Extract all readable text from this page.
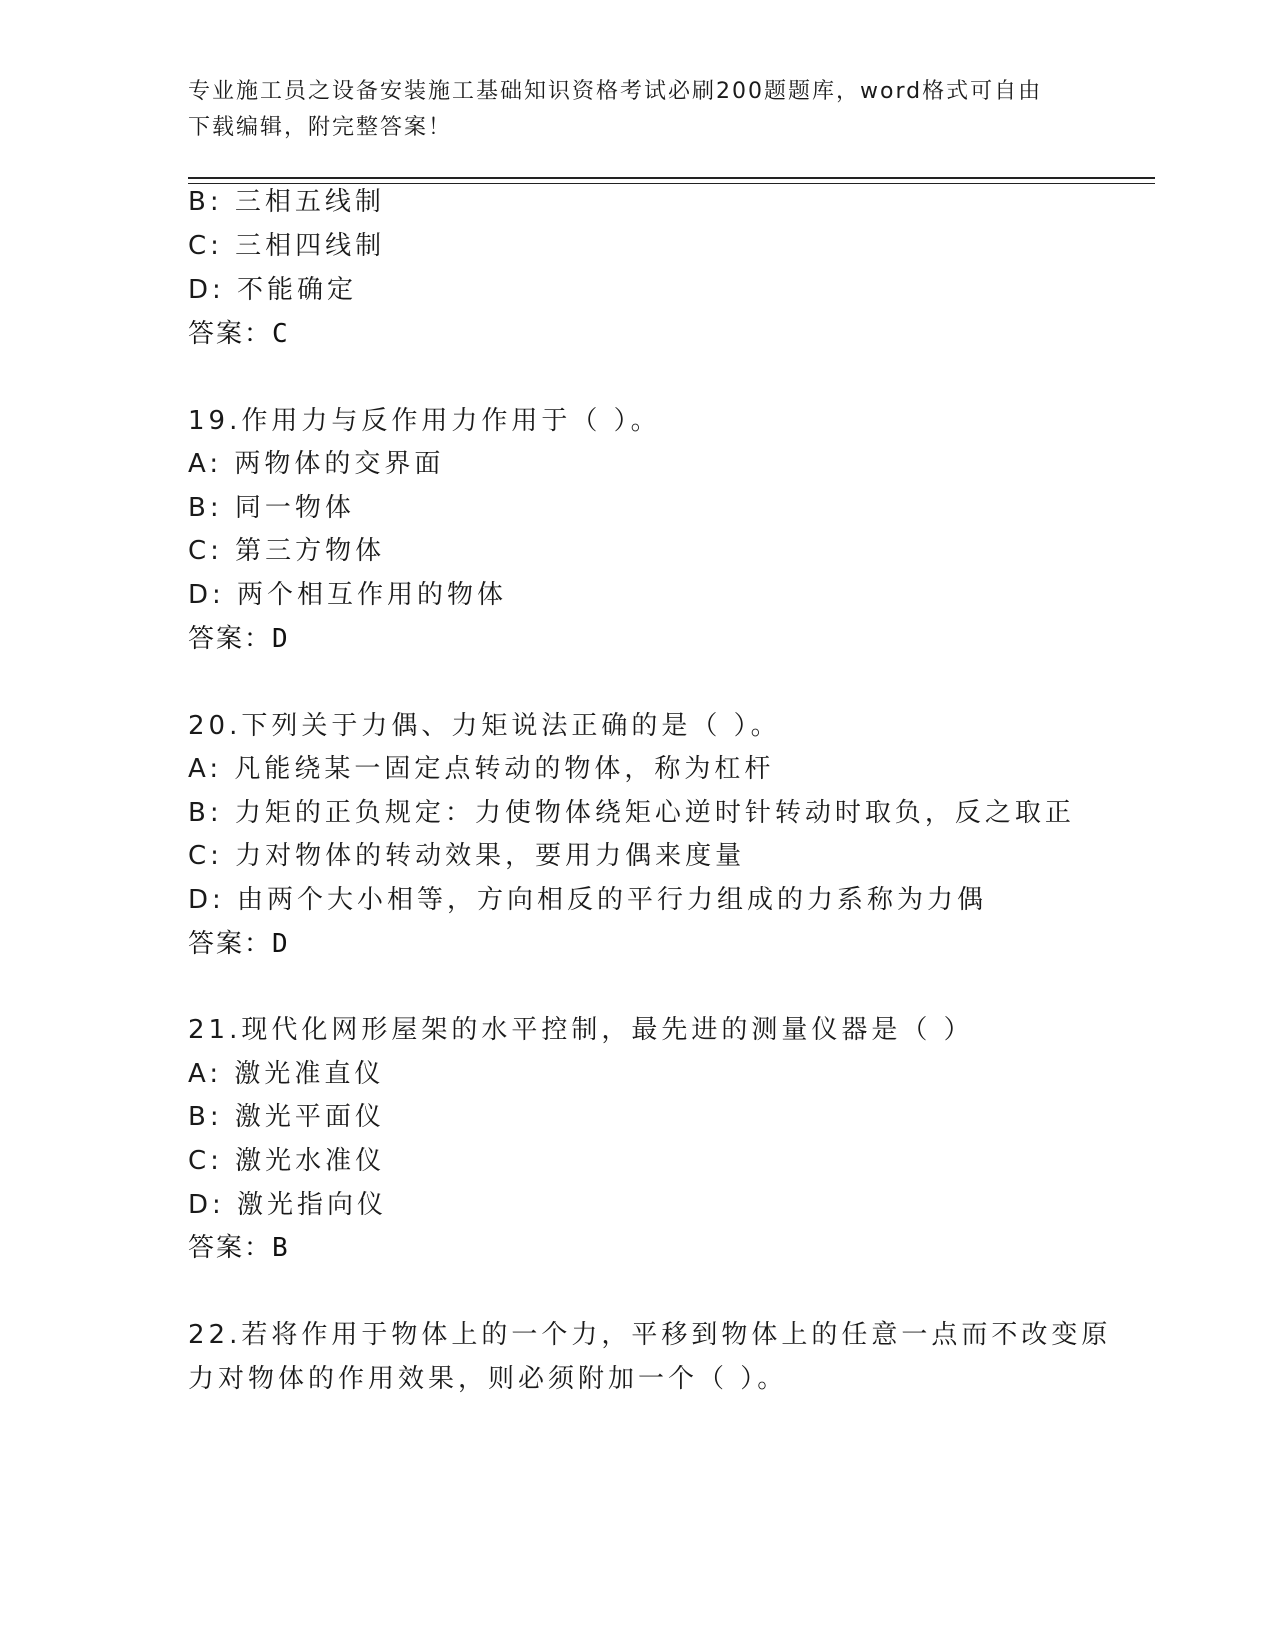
专业施工员之设备安装施工基础知识资格考试必刷200题题库，word格式可自由
下载编辑，附完整答案！
B: 三相五线制
C: 三相四线制
D: 不能确定
答案：C
19.作用力与反作用力作用于（ ）。
A: 两物体的交界面
B: 同一物体
C: 第三方物体
D: 两个相互作用的物体
答案：D
20.下列关于力偶、力矩说法正确的是（ ）。
A: 凡能绕某一固定点转动的物体，称为杠杆
B: 力矩的正负规定：力使物体绕矩心逆时针转动时取负，反之取正
C: 力对物体的转动效果，要用力偶来度量
D: 由两个大小相等，方向相反的平行力组成的力系称为力偶
答案：D
21.现代化网形屋架的水平控制，最先进的测量仪器是（ ）
A: 激光准直仪
B: 激光平面仪
C: 激光水准仪
D: 激光指向仪
答案：B
22.若将作用于物体上的一个力，平移到物体上的任意一点而不改变原
力对物体的作用效果，则必须附加一个（ ）。
